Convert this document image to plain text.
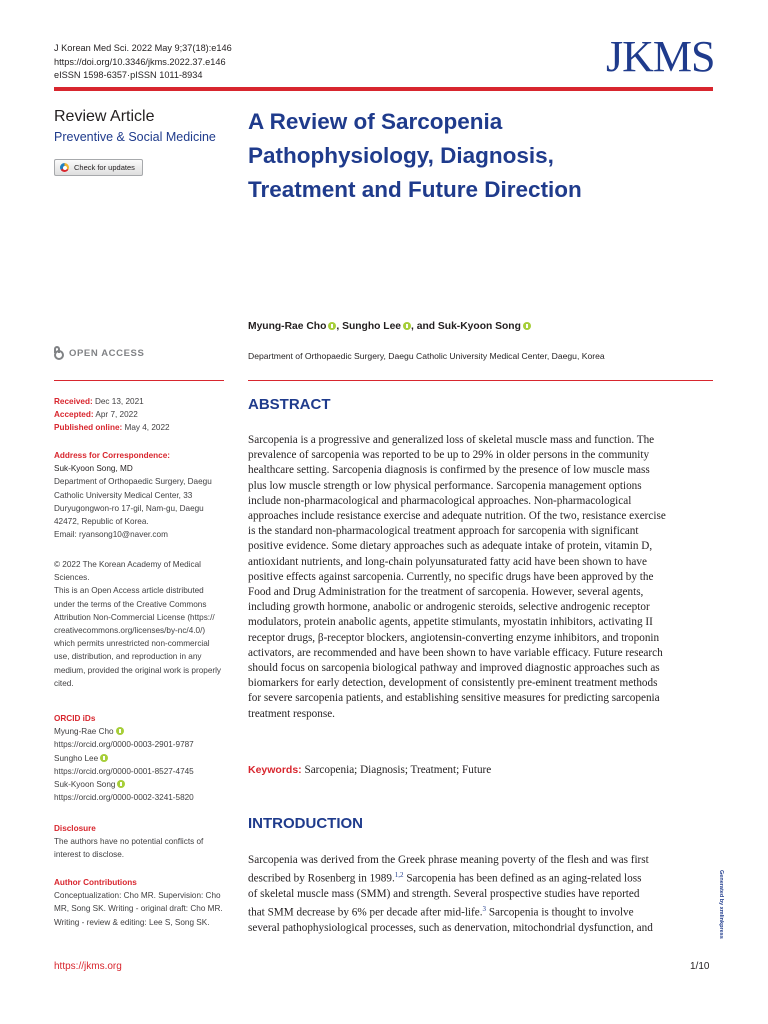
J Korean Med Sci. 2022 May 9;37(18):e146
https://doi.org/10.3346/jkms.2022.37.e146
eISSN 1598-6357·pISSN 1011-8934	JKMS
Review Article
Preventive & Social Medicine
Check for updates
A Review of Sarcopenia
Pathophysiology, Diagnosis,
Treatment and Future Direction
Myung-Rae Cho , Sungho Lee , and Suk-Kyoon Song
Department of Orthopaedic Surgery, Daegu Catholic University Medical Center, Daegu, Korea
OPEN ACCESS
Received: Dec 13, 2021
Accepted: Apr 7, 2022
Published online: May 4, 2022
Address for Correspondence:
Suk-Kyoon Song, MD
Department of Orthopaedic Surgery, Daegu
Catholic University Medical Center, 33
Duryugongwon-ro 17-gil, Nam-gu, Daegu
42472, Republic of Korea.
Email: ryansong10@naver.com
© 2022 The Korean Academy of Medical
Sciences.
This is an Open Access article distributed
under the terms of the Creative Commons
Attribution Non-Commercial License (https://
creativecommons.org/licenses/by-nc/4.0/)
which permits unrestricted non-commercial
use, distribution, and reproduction in any
medium, provided the original work is properly
cited.
ORCID iDs
Myung-Rae Cho
https://orcid.org/0000-0003-2901-9787
Sungho Lee
https://orcid.org/0000-0001-8527-4745
Suk-Kyoon Song
https://orcid.org/0000-0002-3241-5820
Disclosure
The authors have no potential conflicts of
interest to disclose.
Author Contributions
Conceptualization: Cho MR. Supervision: Cho
MR, Song SK. Writing - original draft: Cho MR.
Writing - review & editing: Lee S, Song SK.
ABSTRACT
Sarcopenia is a progressive and generalized loss of skeletal muscle mass and function. The
prevalence of sarcopenia was reported to be up to 29% in older persons in the community
healthcare setting. Sarcopenia diagnosis is confirmed by the presence of low muscle mass
plus low muscle strength or low physical performance. Sarcopenia management options
include non-pharmacological and pharmacological approaches. Non-pharmacological
approaches include resistance exercise and adequate nutrition. Of the two, resistance exercise
is the standard non-pharmacological treatment approach for sarcopenia with significant
positive evidence. Some dietary approaches such as adequate intake of protein, vitamin D,
antioxidant nutrients, and long-chain polyunsaturated fatty acid have been shown to have
positive effects against sarcopenia. Currently, no specific drugs have been approved by the
Food and Drug Administration for the treatment of sarcopenia. However, several agents,
including growth hormone, anabolic or androgenic steroids, selective androgenic receptor
modulators, protein anabolic agents, appetite stimulants, myostatin inhibitors, activating II
receptor drugs, β-receptor blockers, angiotensin-converting enzyme inhibitors, and troponin
activators, are recommended and have been shown to have variable efficacy. Future research
should focus on sarcopenia biological pathway and improved diagnostic approaches such as
biomarkers for early detection, development of consistently pre-eminent treatment methods
for severe sarcopenia patients, and establishing sensitive measures for predicting sarcopenia
treatment response.
Keywords: Sarcopenia; Diagnosis; Treatment; Future
INTRODUCTION
Sarcopenia was derived from the Greek phrase meaning poverty of the flesh and was first
described by Rosenberg in 1989.$^{1,2}$ Sarcopenia has been defined as an aging-related loss
of skeletal muscle mass (SMM) and strength. Several prospective studies have reported
that SMM decrease by 6% per decade after mid-life.$^3$ Sarcopenia is thought to involve
several pathophysiological processes, such as denervation, mitochondrial dysfunction, and
https://jkms.org	1/10
Generated by xmlinkpress
